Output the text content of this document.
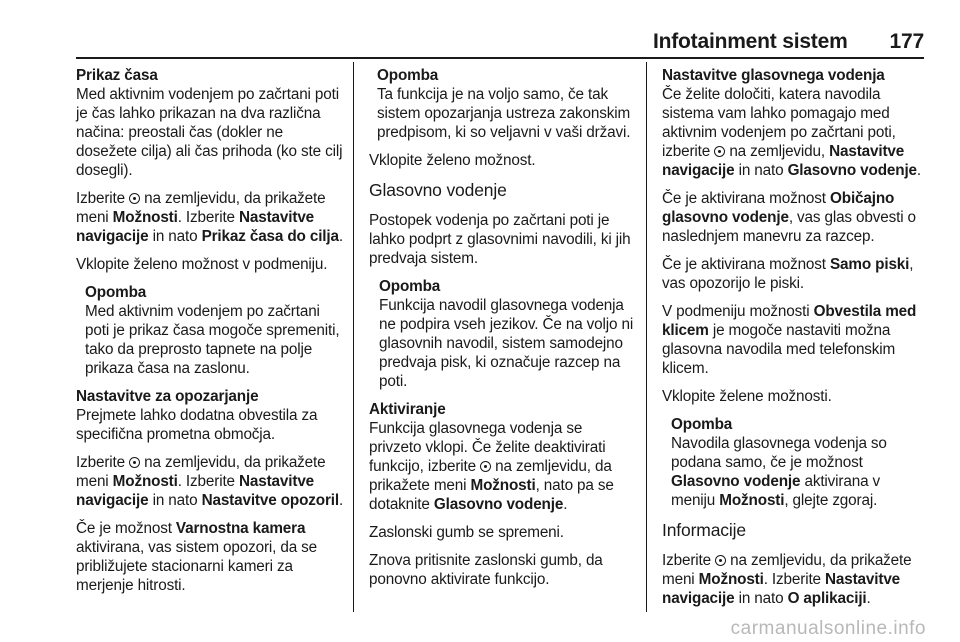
Infotainment sistem 177

Prikaz časa

Med aktivnim vodenjem po začrtani poti je čas lahko prikazan na dva različna načina: preostali čas (dokler ne dosežete cilja) ali čas prihoda (ko ste cilj dosegli).

Izberite  na zemljevidu, da prikažete meni Možnosti. Izberite Nastavitve navigacije in nato Prikaz časa do cilja.

Vklopite želeno možnost v podmeniju.

Opomba
Med aktivnim vodenjem po začrtani poti je prikaz časa mogoče spremeniti, tako da preprosto tapnete na polje prikaza časa na zaslonu.

Nastavitve za opozarjanje

Prejmete lahko dodatna obvestila za specifična prometna območja.

Izberite  na zemljevidu, da prikažete meni Možnosti. Izberite Nastavitve navigacije in nato Nastavitve opozoril.

Če je možnost Varnostna kamera aktivirana, vas sistem opozori, da se približujete stacionarni kameri za merjenje hitrosti.

Opomba
Ta funkcija je na voljo samo, če tak sistem opozarjanja ustreza zakonskim predpisom, ki so veljavni v vaši državi.

Vklopite želeno možnost.

Glasovno vodenje

Postopek vodenja po začrtani poti je lahko podprt z glasovnimi navodili, ki jih predvaja sistem.

Opomba
Funkcija navodil glasovnega vodenja ne podpira vseh jezikov. Če na voljo ni glasovnih navodil, sistem samodejno predvaja pisk, ki označuje razcep na poti.

Aktiviranje

Funkcija glasovnega vodenja se privzeto vklopi. Če želite deaktivirati funkcijo, izberite  na zemljevidu, da prikažete meni Možnosti, nato pa se dotaknite Glasovno vodenje.

Zaslonski gumb se spremeni.

Znova pritisnite zaslonski gumb, da ponovno aktivirate funkcijo.

Nastavitve glasovnega vodenja

Če želite določiti, katera navodila sistema vam lahko pomagajo med aktivnim vodenjem po začrtani poti, izberite  na zemljevidu, Nastavitve navigacije in nato Glasovno vodenje.

Če je aktivirana možnost Običajno glasovno vodenje, vas glas obvesti o naslednjem manevru za razcep.

Če je aktivirana možnost Samo piski, vas opozorijo le piski.

V podmeniju možnosti Obvestila med klicem je mogoče nastaviti možna glasovna navodila med telefonskim klicem.

Vklopite želene možnosti.

Opomba
Navodila glasovnega vodenja so podana samo, če je možnost Glasovno vodenje aktivirana v meniju Možnosti, glejte zgoraj.

Informacije

Izberite  na zemljevidu, da prikažete meni Možnosti. Izberite Nastavitve navigacije in nato O aplikaciji.

carmanualsonline.info
